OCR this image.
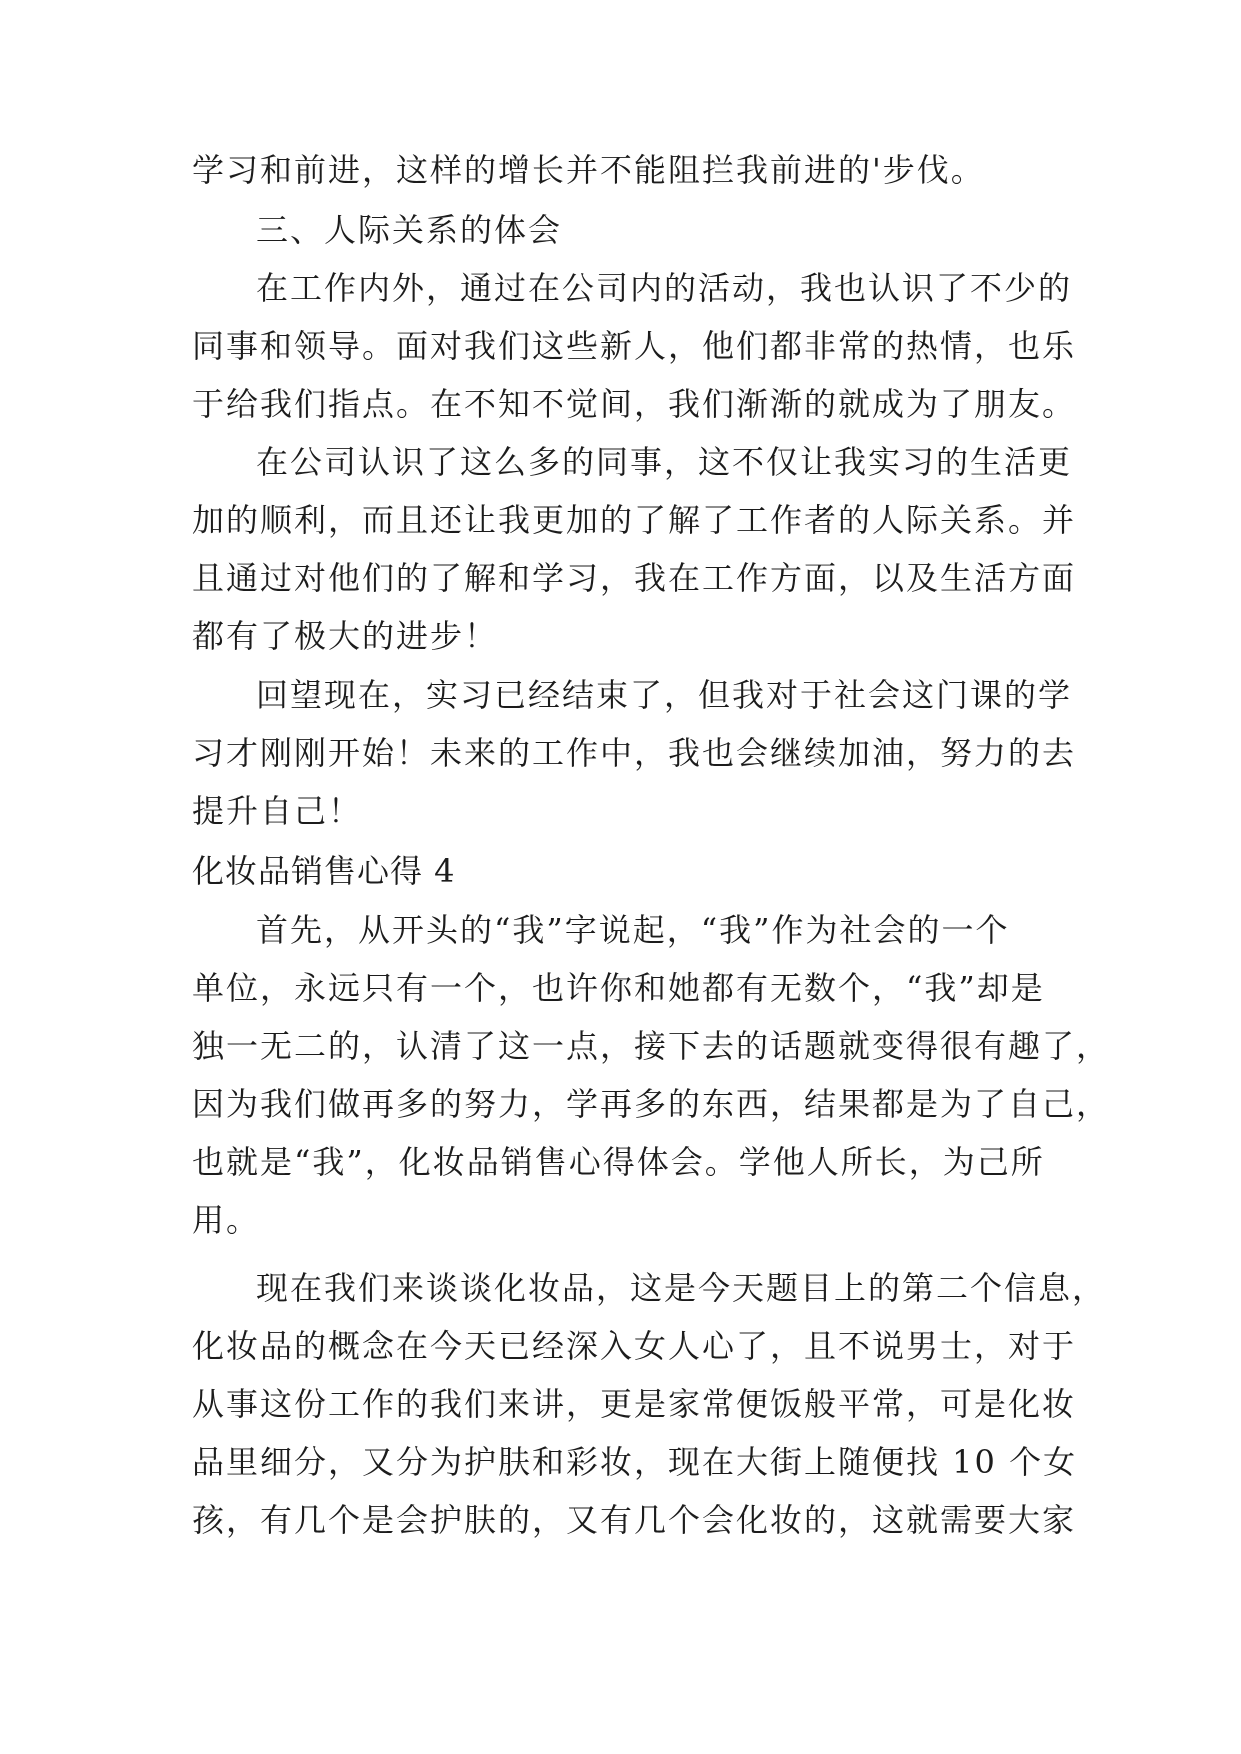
学习和前进，这样的增长并不能阻拦我前进的'步伐。

三、人际关系的体会

在工作内外，通过在公司内的活动，我也认识了不少的

同事和领导。面对我们这些新人，他们都非常的热情，也乐

于给我们指点。在不知不觉间，我们渐渐的就成为了朋友。

在公司认识了这么多的同事，这不仅让我实习的生活更

加的顺利，而且还让我更加的了解了工作者的人际关系。并

且通过对他们的了解和学习，我在工作方面，以及生活方面

都有了极大的进步！

回望现在，实习已经结束了，但我对于社会这门课的学

习才刚刚开始！未来的工作中，我也会继续加油，努力的去

提升自己！

化妆品销售心得 4

首先，从开头的“我”字说起，“我”作为社会的一个

单位，永远只有一个，也许你和她都有无数个，“我”却是

独一无二的，认清了这一点，接下去的话题就变得很有趣了，

因为我们做再多的努力，学再多的东西，结果都是为了自己，

也就是“我”，化妆品销售心得体会。学他人所长，为己所

用。

现在我们来谈谈化妆品，这是今天题目上的第二个信息，

化妆品的概念在今天已经深入女人心了，且不说男士，对于

从事这份工作的我们来讲，更是家常便饭般平常，可是化妆

品里细分，又分为护肤和彩妆，现在大街上随便找 10 个女

孩，有几个是会护肤的，又有几个会化妆的，这就需要大家
